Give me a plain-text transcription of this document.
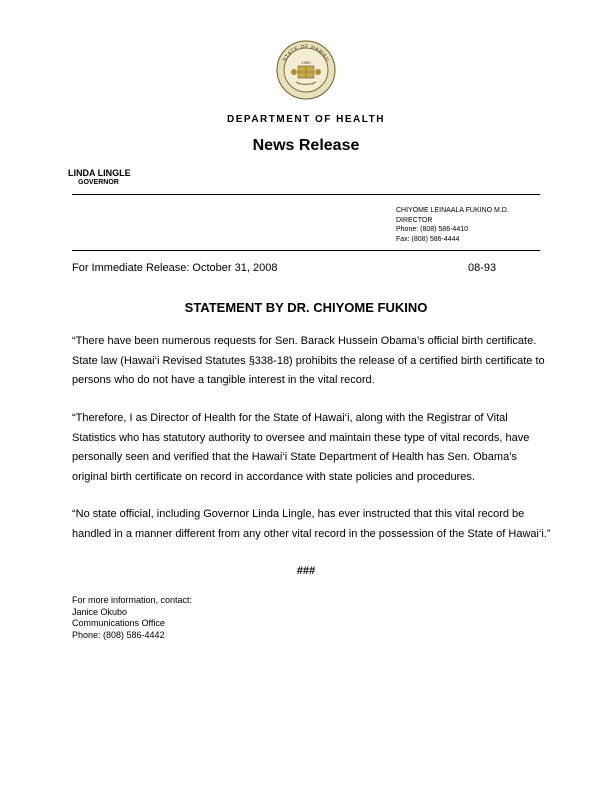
STATE OF HAWAII
1959
DEPARTMENT OF HEALTH
News Release
LINDA LINGLE
GOVERNOR
CHIYOME LEINAALA FUKINO M.D.
DIRECTOR
Phone: (808) 586-4410
Fax: (808) 586-4444
For Immediate Release: October 31, 2008	08-93
STATEMENT BY DR. CHIYOME FUKINO

“There have been numerous requests for Sen. Barack Hussein Obama’s official birth certificate. State law (Hawai‘i Revised Statutes §338-18) prohibits the release of a certified birth certificate to persons who do not have a tangible interest in the vital record.

“Therefore, I as Director of Health for the State of Hawai‘i, along with the Registrar of Vital Statistics who has statutory authority to oversee and maintain these type of vital records, have personally seen and verified that the Hawai‘i State Department of Health has Sen. Obama’s original birth certificate on record in accordance with state policies and procedures.

“No state official, including Governor Linda Lingle, has ever instructed that this vital record be handled in a manner different from any other vital record in the possession of the State of Hawai‘i.”

###
For more information, contact:
Janice Okubo
Communications Office
Phone: (808) 586-4442
